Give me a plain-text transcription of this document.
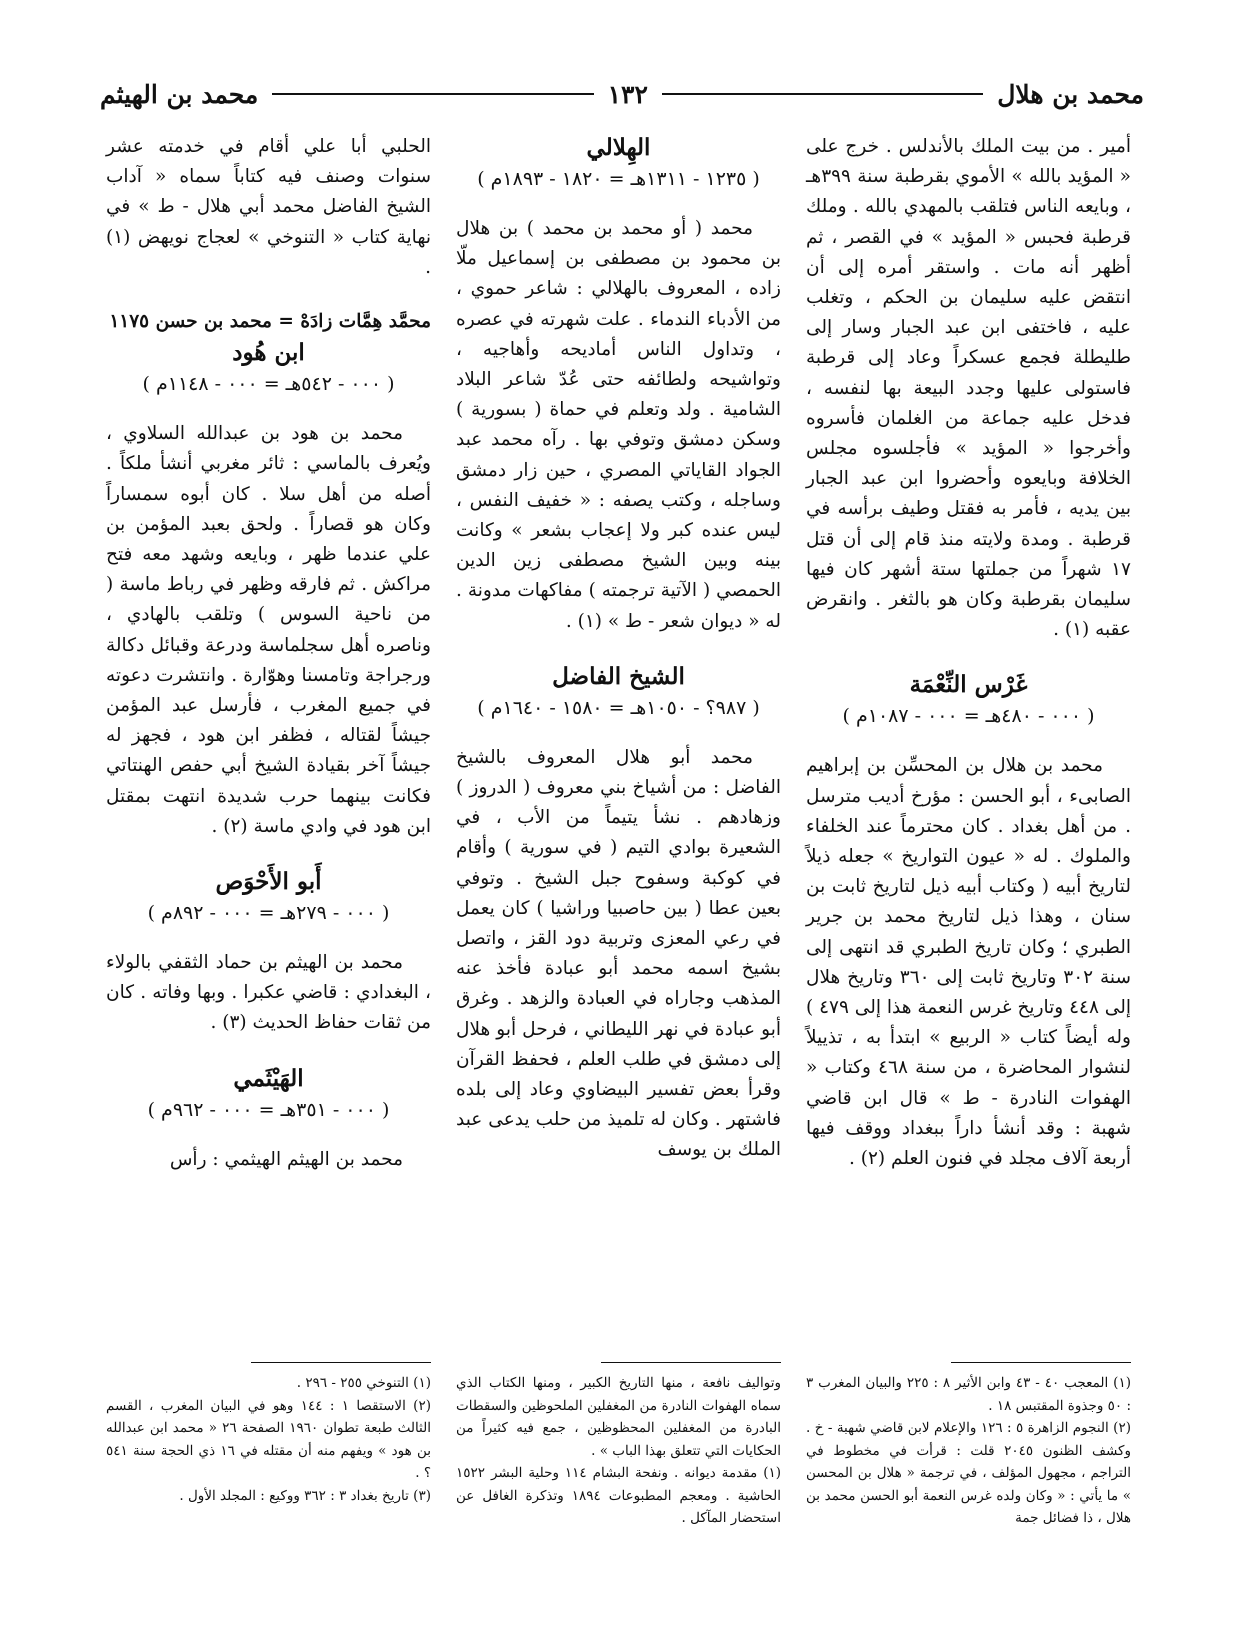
محمد بن هلال
١٣٢
محمد بن الهيثم

أمير . من بيت الملك بالأندلس . خرج على « المؤيد بالله » الأموي بقرطبة سنة ٣٩٩هـ ، وبايعه الناس فتلقب بالمهدي بالله . وملك قرطبة فحبس « المؤيد » في القصر ، ثم أظهر أنه مات . واستقر أمره إلى أن انتقض عليه سليمان بن الحكم ، وتغلب عليه ، فاختفى ابن عبد الجبار وسار إلى طليطلة فجمع عسكراً وعاد إلى قرطبة فاستولى عليها وجدد البيعة بها لنفسه ، فدخل عليه جماعة من الغلمان فأسروه وأخرجوا « المؤيد » فأجلسوه مجلس الخلافة وبايعوه وأحضروا ابن عبد الجبار بين يديه ، فأمر به فقتل وطيف برأسه في قرطبة . ومدة ولايته منذ قام إلى أن قتل ١٧ شهراً من جملتها ستة أشهر كان فيها سليمان بقرطبة وكان هو بالثغر . وانقرض عقبه (١) .

غَرْس النِّعْمَة

( ٠٠٠ - ٤٨٠هـ = ٠٠٠ - ١٠٨٧م )

محمد بن هلال بن المحسِّن بن إبراهيم الصابىء ، أبو الحسن : مؤرخ أديب مترسل . من أهل بغداد . كان محترماً عند الخلفاء والملوك . له « عيون التواريخ » جعله ذيلاً لتاريخ أبيه ( وكتاب أبيه ذيل لتاريخ ثابت بن سنان ، وهذا ذيل لتاريخ محمد بن جرير الطبري ؛ وكان تاريخ الطبري قد انتهى إلى سنة ٣٠٢ وتاريخ ثابت إلى ٣٦٠ وتاريخ هلال إلى ٤٤٨ وتاريخ غرس النعمة هذا إلى ٤٧٩ ) وله أيضاً كتاب « الربيع » ابتدأ به ، تذييلاً لنشوار المحاضرة ، من سنة ٤٦٨ وكتاب « الهفوات النادرة - ط » قال ابن قاضي شهبة : وقد أنشأ داراً ببغداد ووقف فيها أربعة آلاف مجلد في فنون العلم (٢) .

الهِلالي

( ١٢٣٥ - ١٣١١هـ = ١٨٢٠ - ١٨٩٣م )

محمد ( أو محمد بن محمد ) بن هلال بن محمود بن مصطفى بن إسماعيل ملّا زاده ، المعروف بالهلالي : شاعر حموي ، من الأدباء الندماء . علت شهرته في عصره ، وتداول الناس أماديحه وأهاجيه ، وتواشيحه ولطائفه حتى عُدّ شاعر البلاد الشامية . ولد وتعلم في حماة ( بسورية ) وسكن دمشق وتوفي بها . رآه محمد عبد الجواد القاياتي المصري ، حين زار دمشق وساجله ، وكتب يصفه : « خفيف النفس ، ليس عنده كبر ولا إعجاب بشعر » وكانت بينه وبين الشيخ مصطفى زين الدين الحمصي ( الآتية ترجمته ) مفاكهات مدونة . له « ديوان شعر - ط » (١) .

الشيخ الفاضل

( ٩٨٧؟ - ١٠٥٠هـ = ١٥٨٠ - ١٦٤٠م )

محمد أبو هلال المعروف بالشيخ الفاضل : من أشياخ بني معروف ( الدروز ) وزهادهم . نشأ يتيماً من الأب ، في الشعيرة بوادي التيم ( في سورية ) وأقام في كوكبة وسفوح جبل الشيخ . وتوفي بعين عطا ( بين حاصبيا وراشيا ) كان يعمل في رعي المعزى وتربية دود القز ، واتصل بشيخ اسمه محمد أبو عبادة فأخذ عنه المذهب وجاراه في العبادة والزهد . وغرق أبو عبادة في نهر الليطاني ، فرحل أبو هلال إلى دمشق في طلب العلم ، فحفظ القرآن وقرأ بعض تفسير البيضاوي وعاد إلى بلده فاشتهر . وكان له تلميذ من حلب يدعى عبد الملك بن يوسف

الحلبي أبا علي أقام في خدمته عشر سنوات وصنف فيه كتاباً سماه « آداب الشيخ الفاضل محمد أبي هلال - ط » في نهاية كتاب « التنوخي » لعجاج نويهض (١) .

محمَّد هِمَّات زادَهْ = محمد بن حسن ١١٧٥

ابن هُود

( ٠٠٠ - ٥٤٢هـ = ٠٠٠ - ١١٤٨م )

محمد بن هود بن عبدالله السلاوي ، ويُعرف بالماسي : ثائر مغربي أنشأ ملكاً . أصله من أهل سلا . كان أبوه سمساراً وكان هو قصاراً . ولحق بعبد المؤمن بن علي عندما ظهر ، وبايعه وشهد معه فتح مراكش . ثم فارقه وظهر في رباط ماسة ( من ناحية السوس ) وتلقب بالهادي ، وناصره أهل سجلماسة ودرعة وقبائل دكالة ورجراجة وتامسنا وهوّارة . وانتشرت دعوته في جميع المغرب ، فأرسل عبد المؤمن جيشاً لقتاله ، فظفر ابن هود ، فجهز له جيشاً آخر بقيادة الشيخ أبي حفص الهنتاتي فكانت بينهما حرب شديدة انتهت بمقتل ابن هود في وادي ماسة (٢) .

أَبو الأَحْوَص

( ٠٠٠ - ٢٧٩هـ = ٠٠٠ - ٨٩٢م )

محمد بن الهيثم بن حماد الثقفي بالولاء ، البغدادي : قاضي عكبرا . وبها وفاته . كان من ثقات حفاظ الحديث (٣) .

الهَيْثَمي

( ٠٠٠ - ٣٥١هـ = ٠٠٠ - ٩٦٢م )

محمد بن الهيثم الهيثمي : رأس

(١) المعجب ٤٠ - ٤٣ وابن الأثير ٨ : ٢٢٥ والبيان المغرب ٣ : ٥٠ وجذوة المقتبس ١٨ .

(٢) النجوم الزاهرة ٥ : ١٢٦ والإعلام لابن قاضي شهبة - خ . وكشف الظنون ٢٠٤٥ قلت : قرأت في مخطوط في التراجم ، مجهول المؤلف ، في ترجمة « هلال بن المحسن » ما يأتي : « وكان ولده غرس النعمة أبو الحسن محمد بن هلال ، ذا فضائل جمة

وتواليف نافعة ، منها التاريخ الكبير ، ومنها الكتاب الذي سماه الهفوات النادرة من المغفلين الملحوظين والسقطات البادرة من المغفلين المحظوظين ، جمع فيه كثيراً من الحكايات التي تتعلق بهذا الباب » .

(١) مقدمة ديوانه . ونفحة البشام ١١٤ وحلية البشر ١٥٢٢ الحاشية . ومعجم المطبوعات ١٨٩٤ وتذكرة الغافل عن استحضار المآكل .

(١) التنوخي ٢٥٥ - ٢٩٦ .

(٢) الاستقصا ١ : ١٤٤ وهو في البيان المغرب ، القسم الثالث طبعة تطوان ١٩٦٠ الصفحة ٢٦ « محمد ابن عبدالله بن هود » ويفهم منه أن مقتله في ١٦ ذي الحجة سنة ٥٤١ ؟ .

(٣) تاريخ بغداد ٣ : ٣٦٢ ووكيع : المجلد الأول .
